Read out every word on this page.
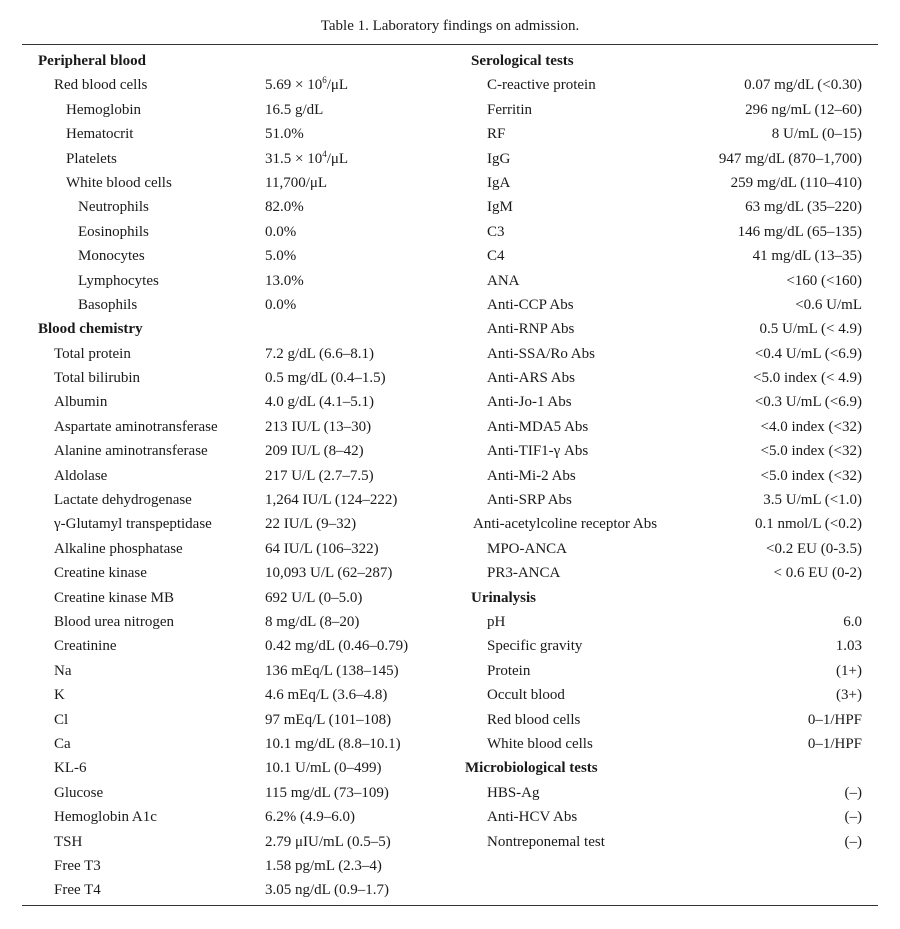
Table 1. Laboratory findings on admission.
Peripheral blood
Red blood cells	$5.69 \times 10^6/\mu L$
Hemoglobin	16.5 g/dL
Hematocrit	51.0%
Platelets	$31.5 \times 10^4/\mu L$
White blood cells	11,700/μL
Neutrophils	82.0%
Eosinophils	0.0%
Monocytes	5.0%
Lymphocytes	13.0%
Basophils	0.0%
Blood chemistry
Total protein	7.2 g/dL (6.6–8.1)
Total bilirubin	0.5 mg/dL (0.4–1.5)
Albumin	4.0 g/dL (4.1–5.1)
Aspartate aminotransferase	213 IU/L (13–30)
Alanine aminotransferase	209 IU/L (8–42)
Aldolase	217 U/L (2.7–7.5)
Lactate dehydrogenase	1,264 IU/L (124–222)
γ-Glutamyl transpeptidase	22 IU/L (9–32)
Alkaline phosphatase	64 IU/L (106–322)
Creatine kinase	10,093 U/L (62–287)
Creatine kinase MB	692 U/L (0–5.0)
Blood urea nitrogen	8 mg/dL (8–20)
Creatinine	0.42 mg/dL (0.46–0.79)
Na	136 mEq/L (138–145)
K	4.6 mEq/L (3.6–4.8)
Cl	97 mEq/L (101–108)
Ca	10.1 mg/dL (8.8–10.1)
KL-6	10.1 U/mL (0–499)
Glucose	115 mg/dL (73–109)
Hemoglobin A1c	6.2% (4.9–6.0)
TSH	2.79 μIU/mL (0.5–5)
Free T3	1.58 pg/mL (2.3–4)
Free T4	3.05 ng/dL (0.9–1.7)
Serological tests
C-reactive protein	0.07 mg/dL (<0.30)
Ferritin	296 ng/mL (12–60)
RF	8 U/mL (0–15)
IgG	947 mg/dL (870–1,700)
IgA	259 mg/dL (110–410)
IgM	63 mg/dL (35–220)
C3	146 mg/dL (65–135)
C4	41 mg/dL (13–35)
ANA	<160 (<160)
Anti-CCP Abs	<0.6 U/mL
Anti-RNP Abs	0.5 U/mL (< 4.9)
Anti-SSA/Ro Abs	<0.4 U/mL (<6.9)
Anti-ARS Abs	<5.0 index (< 4.9)
Anti-Jo-1 Abs	<0.3 U/mL (<6.9)
Anti-MDA5 Abs	<4.0 index (<32)
Anti-TIF1-γ Abs	<5.0 index (<32)
Anti-Mi-2 Abs	<5.0 index (<32)
Anti-SRP Abs	3.5 U/mL (<1.0)
Anti-acetylcoline receptor Abs	0.1 nmol/L (<0.2)
MPO-ANCA	<0.2 EU (0-3.5)
PR3-ANCA	< 0.6 EU (0-2)
Urinalysis
pH	6.0
Specific gravity	1.03
Protein	(1+)
Occult blood	(3+)
Red blood cells	0–1/HPF
White blood cells	0–1/HPF
Microbiological tests
HBS-Ag	(–)
Anti-HCV Abs	(–)
Nontreponemal test	(–)
